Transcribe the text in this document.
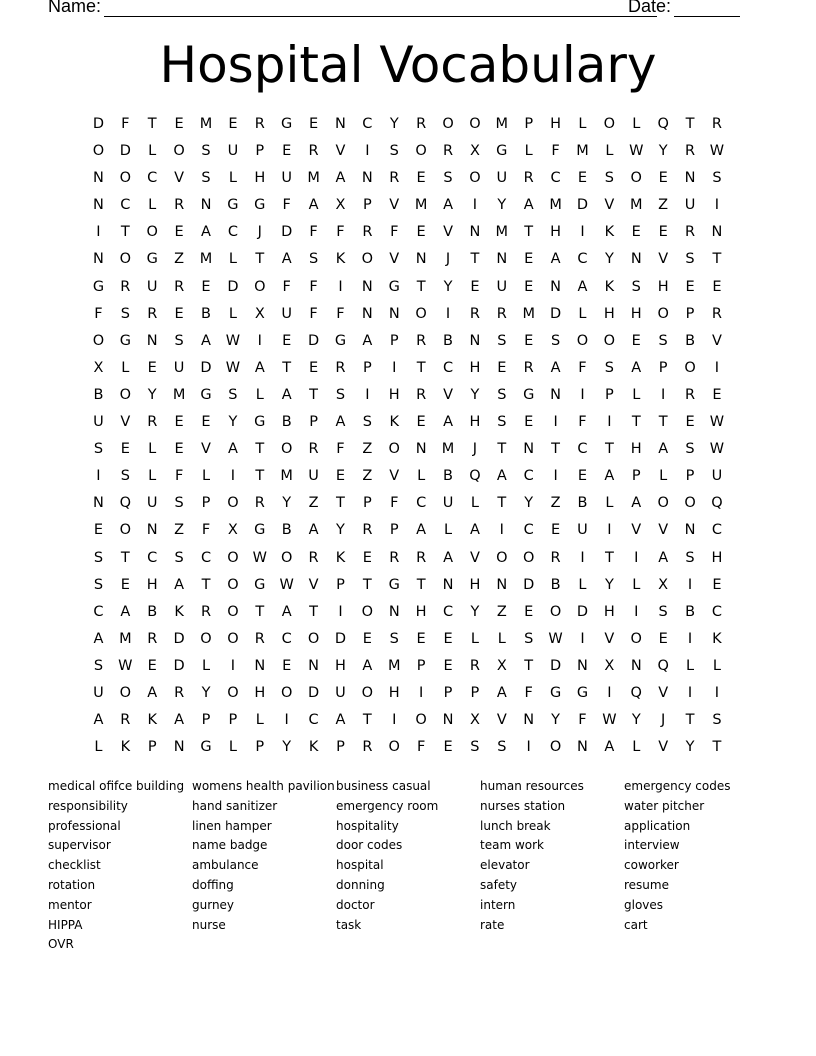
Name:	Date:
Hospital Vocabulary
D	F	T	E	M	E	R	G	E	N	C	Y	R	O	O	M	P	H	L	O	L	Q	T	R
O	D	L	O	S	U	P	E	R	V	I	S	O	R	X	G	L	F	M	L	W	Y	R	W
N	O	C	V	S	L	H	U	M	A	N	R	E	S	O	U	R	C	E	S	O	E	N	S
N	C	L	R	N	G	G	F	A	X	P	V	M	A	I	Y	A	M	D	V	M	Z	U	I
I	T	O	E	A	C	J	D	F	F	R	F	E	V	N	M	T	H	I	K	E	E	R	N
N	O	G	Z	M	L	T	A	S	K	O	V	N	J	T	N	E	A	C	Y	N	V	S	T
G	R	U	R	E	D	O	F	F	I	N	G	T	Y	E	U	E	N	A	K	S	H	E	E
F	S	R	E	B	L	X	U	F	F	N	N	O	I	R	R	M	D	L	H	H	O	P	R
O	G	N	S	A	W	I	E	D	G	A	P	R	B	N	S	E	S	O	O	E	S	B	V
X	L	E	U	D W	A	T	E	R	P	I	T	C	H	E	R	A	F	S	A	P	O	I
B	O	Y	M	G	S	L	A	T	S	I	H	R	V	Y	S	G	N	I	P	L	I	R	E
U	V	R	E	E	Y	G	B	P	A	S	K	E	A	H	S	E	I	F	I	T	T	E	W
S	E	L	E	V	A	T	O	R	F	Z	O	N	M	J	T	N	T	C	T	H	A	S	W
I	S	L	F	L	I	T	M	U	E	Z	V	L	B	Q	A	C	I	E	A	P	L	P	U
N	Q	U	S	P	O	R	Y	Z	T	P	F	C	U	L	T	Y	Z	B	L	A	O	O	Q
E	O	N	Z	F	X	G	B	A	Y	R	P	A	L	A	I	C	E	U	I	V	V	N	C
S	T	C	S	C	O W O	R	K	E	R	R	A	V	O	O	R	I	T	I	A	S	H
S	E	H	A	T	O	G W	V	P	T	G	T	N	H	N	D	B	L	Y	L	X	I	E
C	A	B	K	R	O	T	A	T	I	O	N	H	C	Y	Z	E	O	D	H	I	S	B	C
A	M	R	D	O	O	R	C	O	D	E	S	E	E	L	L	S	W	I	V	O	E	I	K
S	W	E	D	L	I	N	E	N	H	A	M	P	E	R	X	T	D	N	X	N	Q	L	L
U	O	A	R	Y	O	H	O	D	U	O	H	I	P	P	A	F	G	G	I	Q	V	I	I
A	R	K	A	P	P	L	I	C	A	T	I	O	N	X	V	N	Y	F	W	Y	J	T	S
L	K	P	N	G	L	P	Y	K	P	R	O	F	E	S	S	I	O	N	A	L	V	Y	T
medical ofifce building
responsibility
professional
supervisor
checklist
rotation
mentor
HIPPA
OVR
womens health pavilion
hand sanitizer
linen hamper
name badge
ambulance
doffing
gurney
nurse
business casual
emergency room
hospitality
door codes
hospital
donning
doctor
task
human resources
nurses station
lunch break
team work
elevator
safety
intern
rate
emergency codes
water pitcher
application
interview
coworker
resume
gloves
cart
